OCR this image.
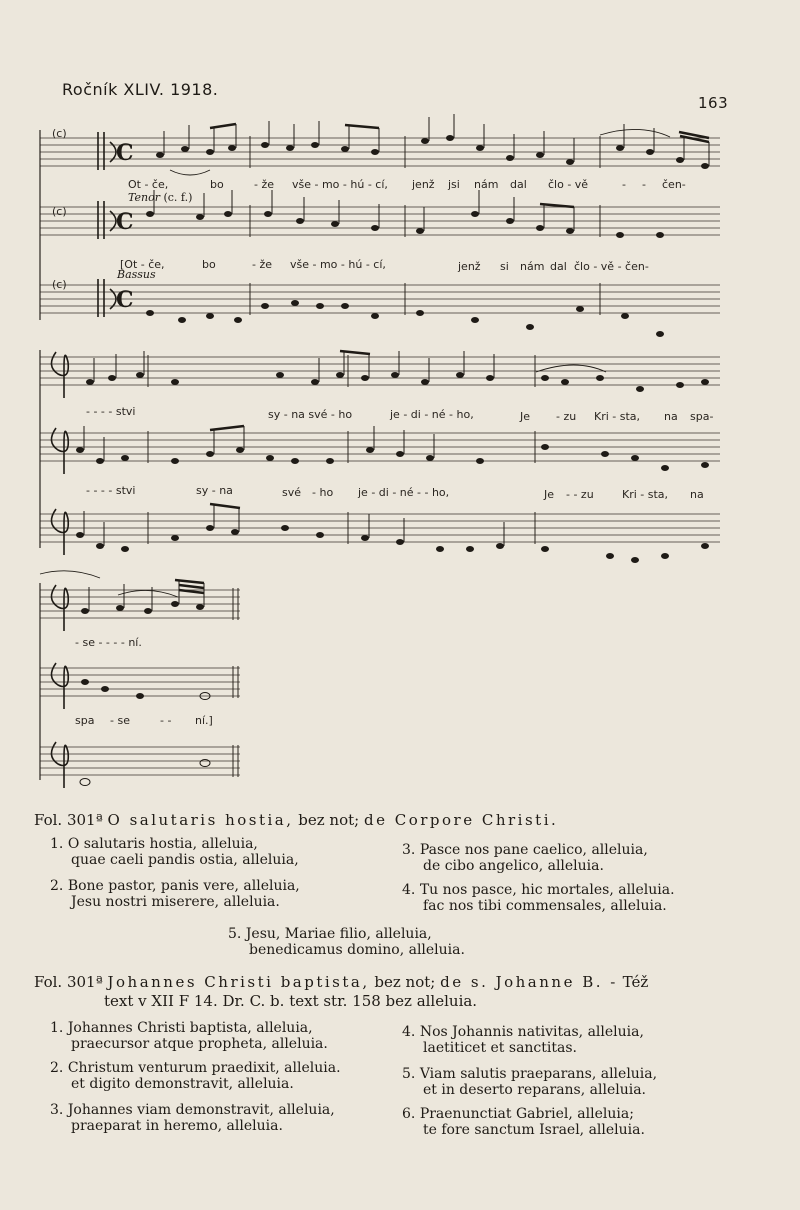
Ročník XLIV. 1918.
163
C
C
C
(c)
(c)
(c)
Tenor (c. f.)
Bassus
Ot - če,	bo	- že vše - mo - hú - cí, jenž jsi nám dal člo - vě	- - čen-
[Ot - če,	bo	- že vše - mo - hú - cí,	jenž si nám dal člo - vě - čen-
- - - - stvi	sy - na své - ho	je - di - né - ho,	Je - zu Kri - sta, na spa-
- - - - stvi	sy - na	své - ho je - di - né - - ho,	Je - - zu	Kri - sta, na
- se - - - - ní.
spa - se	- - ní.]
Fol. 301ª O salutaris hostia, bez not; de Corpore Christi.
1. O salutaris hostia, alleluia,
quae caeli pandis ostia, alleluia,
3. Pasce nos pane caelico, alleluia,
de cibo angelico, alleluia.
2. Bone pastor, panis vere, alleluia,
Jesu nostri miserere, alleluia.
4. Tu nos pasce, hic mortales, alleluia.
fac nos tibi commensales, alleluia.
5. Jesu, Mariae filio, alleluia,
benedicamus domino, alleluia.
Fol. 301ª Johannes Christi baptista, bez not; de s. Johanne B. - Též
text v XII F 14. Dr. C. b. text str. 158 bez alleluia.
1. Johannes Christi baptista, alleluia,
praecursor atque propheta, alleluia.
4. Nos Johannis nativitas, alleluia,
laetiticet et sanctitas.
2. Christum venturum praedixit, alleluia.
et digito demonstravit, alleluia.
5. Viam salutis praeparans, alleluia,
et in deserto reparans, alleluia.
3. Johannes viam demonstravit, alleluia,
praeparat in heremo, alleluia.
6. Praenunctiat Gabriel, alleluia;
te fore sanctum Israel, alleluia.
